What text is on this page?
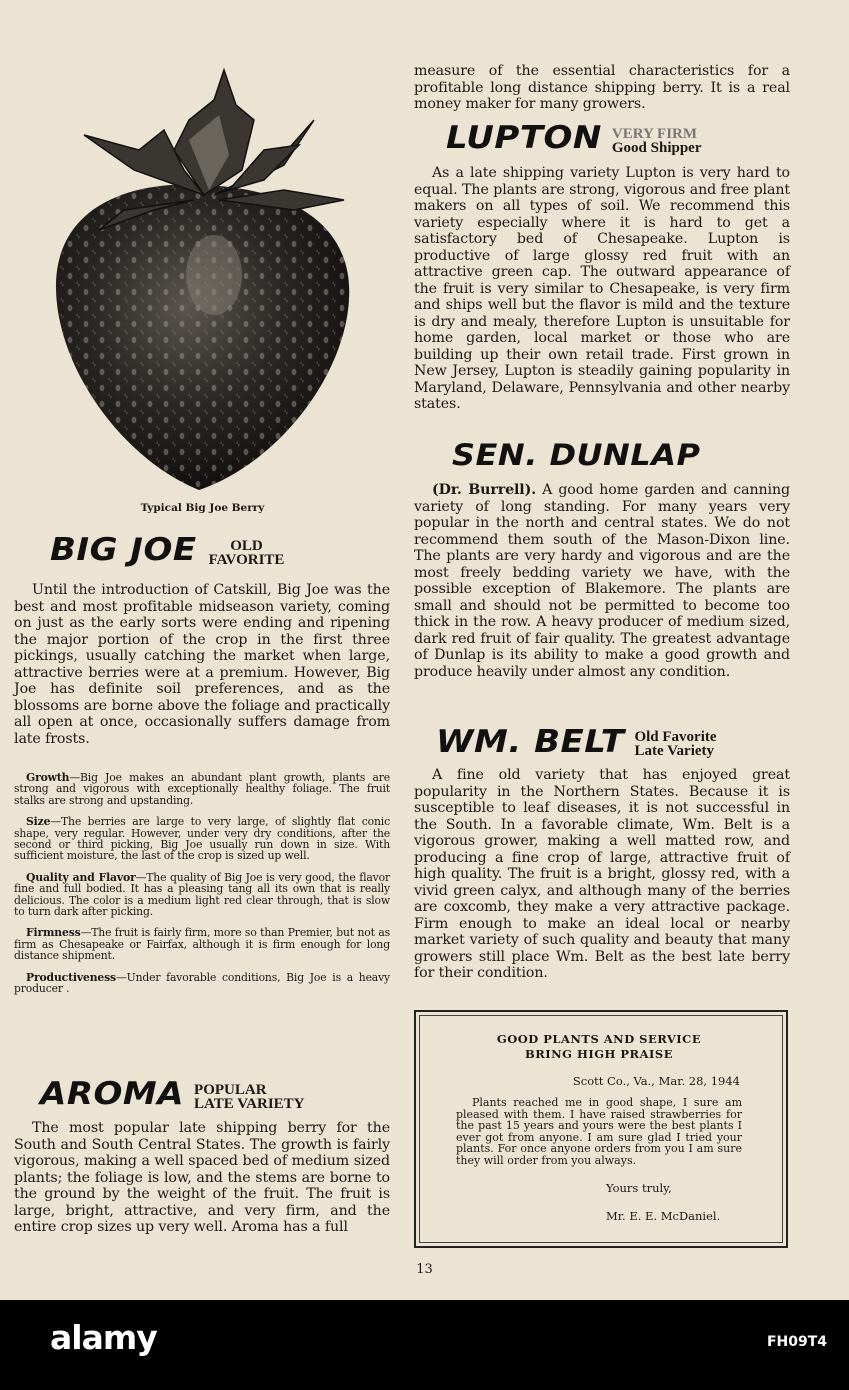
Typical Big Joe Berry
BIG JOE	OLD
FAVORITE

Until the introduction of Catskill, Big Joe was the best and most profitable midseason variety, coming on just as the early sorts were ending and ripening the major portion of the crop in the first three pickings, usually catching the market when large, attractive berries were at a premium. However, Big Joe has definite soil preferences, and as the blossoms are borne above the foliage and practically all open at once, occasionally suffers damage from late frosts.

Growth—Big Joe makes an abundant plant growth, plants are strong and vigorous with exceptionally healthy foliage. The fruit stalks are strong and upstanding.

Size—The berries are large to very large, of slightly flat conic shape, very regular. However, under very dry conditions, after the second or third picking, Big Joe usually run down in size. With sufficient moisture, the last of the crop is sized up well.

Quality and Flavor—The quality of Big Joe is very good, the flavor fine and full bodied. It has a pleasing tang all its own that is really delicious. The color is a medium light red clear through, that is slow to turn dark after picking.

Firmness—The fruit is fairly firm, more so than Premier, but not as firm as Chesapeake or Fairfax, although it is firm enough for long distance shipment.

Productiveness—Under favorable conditions, Big Joe is a heavy producer .

AROMA POPULAR
LATE VARIETY

The most popular late shipping berry for the South and South Central States. The growth is fairly vigorous, making a well spaced bed of medium sized plants; the foliage is low, and the stems are borne to the ground by the weight of the fruit. The fruit is large, bright, attractive, and very firm, and the entire crop sizes up very well. Aroma has a full

measure of the essential characteristics for a profitable long distance shipping berry. It is a real money maker for many growers.

LUPTON VERY FIRM
Good Shipper

As a late shipping variety Lupton is very hard to equal. The plants are strong, vigorous and free plant makers on all types of soil. We recommend this variety especially where it is hard to get a satisfactory bed of Chesapeake. Lupton is productive of large glossy red fruit with an attractive green cap. The outward appearance of the fruit is very similar to Chesapeake, is very firm and ships well but the flavor is mild and the texture is dry and mealy, therefore Lupton is unsuitable for home garden, local market or those who are building up their own retail trade. First grown in New Jersey, Lupton is steadily gaining popularity in Maryland, Delaware, Pennsylvania and other nearby states.

SEN. DUNLAP

(Dr. Burrell). A good home garden and canning variety of long standing. For many years very popular in the north and central states. We do not recommend them south of the Mason-Dixon line. The plants are very hardy and vigorous and are the most freely bedding variety we have, with the possible exception of Blakemore. The plants are small and should not be permitted to become too thick in the row. A heavy producer of medium sized, dark red fruit of fair quality. The greatest advantage of Dunlap is its ability to make a good growth and produce heavily under almost any condition.

WM. BELT Old Favorite
Late Variety

A fine old variety that has enjoyed great popularity in the Northern States. Because it is susceptible to leaf diseases, it is not successful in the South. In a favorable climate, Wm. Belt is a vigorous grower, making a well matted row, and producing a fine crop of large, attractive fruit of high quality. The fruit is a bright, glossy red, with a vivid green calyx, and although many of the berries are coxcomb, they make a very attractive package. Firm enough to make an ideal local or nearby market variety of such quality and beauty that many growers still place Wm. Belt as the best late berry for their condition.

GOOD PLANTS AND SERVICE
BRING HIGH PRAISE
Scott Co., Va., Mar. 28, 1944

Plants reached me in good shape, I sure am pleased with them. I have raised strawberries for the past 15 years and yours were the best plants I ever got from anyone. I am sure glad I tried your plants. For once anyone orders from you I am sure they will order from you always.

Yours truly,
Mr. E. E. McDaniel.
13
alamy	FH09T4
